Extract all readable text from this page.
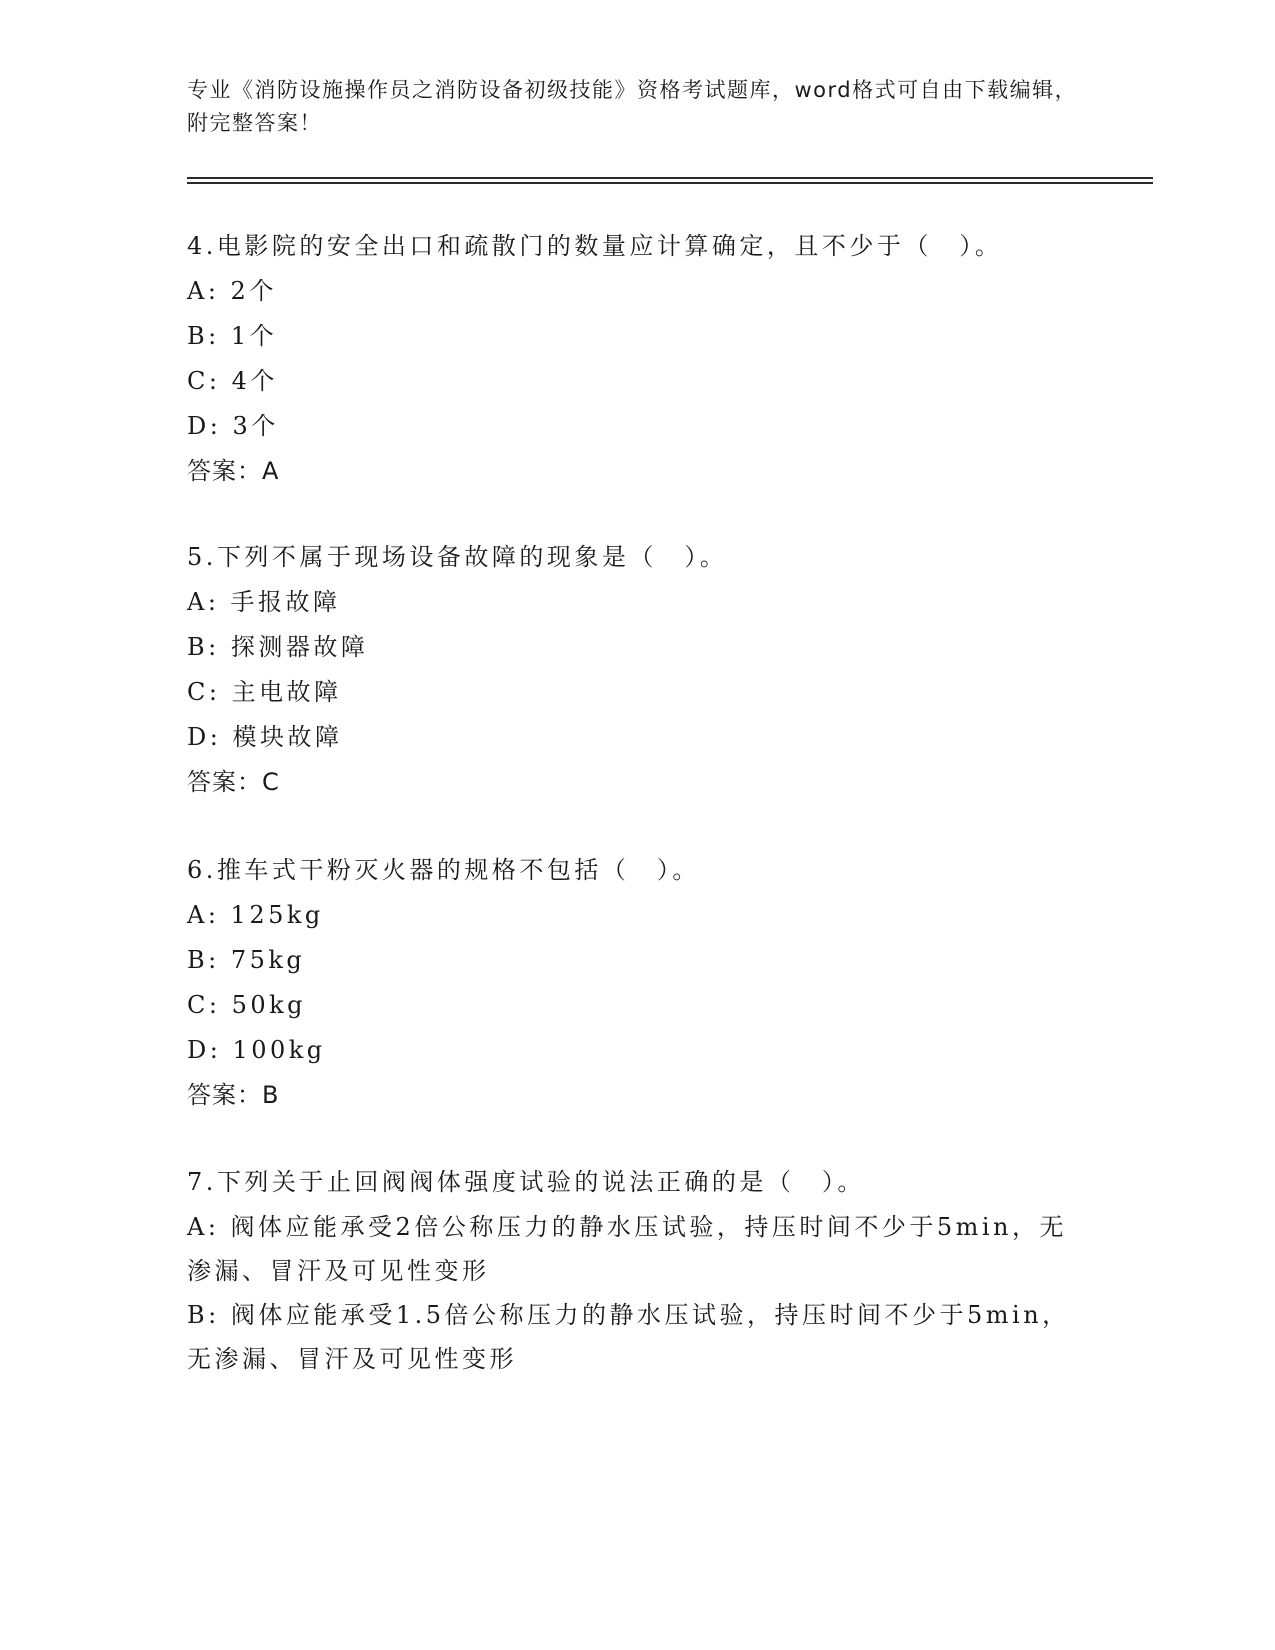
专业《消防设施操作员之消防设备初级技能》资格考试题库，word格式可自由下载编辑，附完整答案！
4.电影院的安全出口和疏散门的数量应计算确定，且不少于（　）。
A: 2个
B: 1个
C: 4个
D: 3个
答案：A
5.下列不属于现场设备故障的现象是（　）。
A: 手报故障
B: 探测器故障
C: 主电故障
D: 模块故障
答案：C
6.推车式干粉灭火器的规格不包括（　）。
A: 125kg
B: 75kg
C: 50kg
D: 100kg
答案：B
7.下列关于止回阀阀体强度试验的说法正确的是（　）。
A: 阀体应能承受2倍公称压力的静水压试验，持压时间不少于5min，无渗漏、冒汗及可见性变形
B: 阀体应能承受1.5倍公称压力的静水压试验，持压时间不少于5min，无渗漏、冒汗及可见性变形
